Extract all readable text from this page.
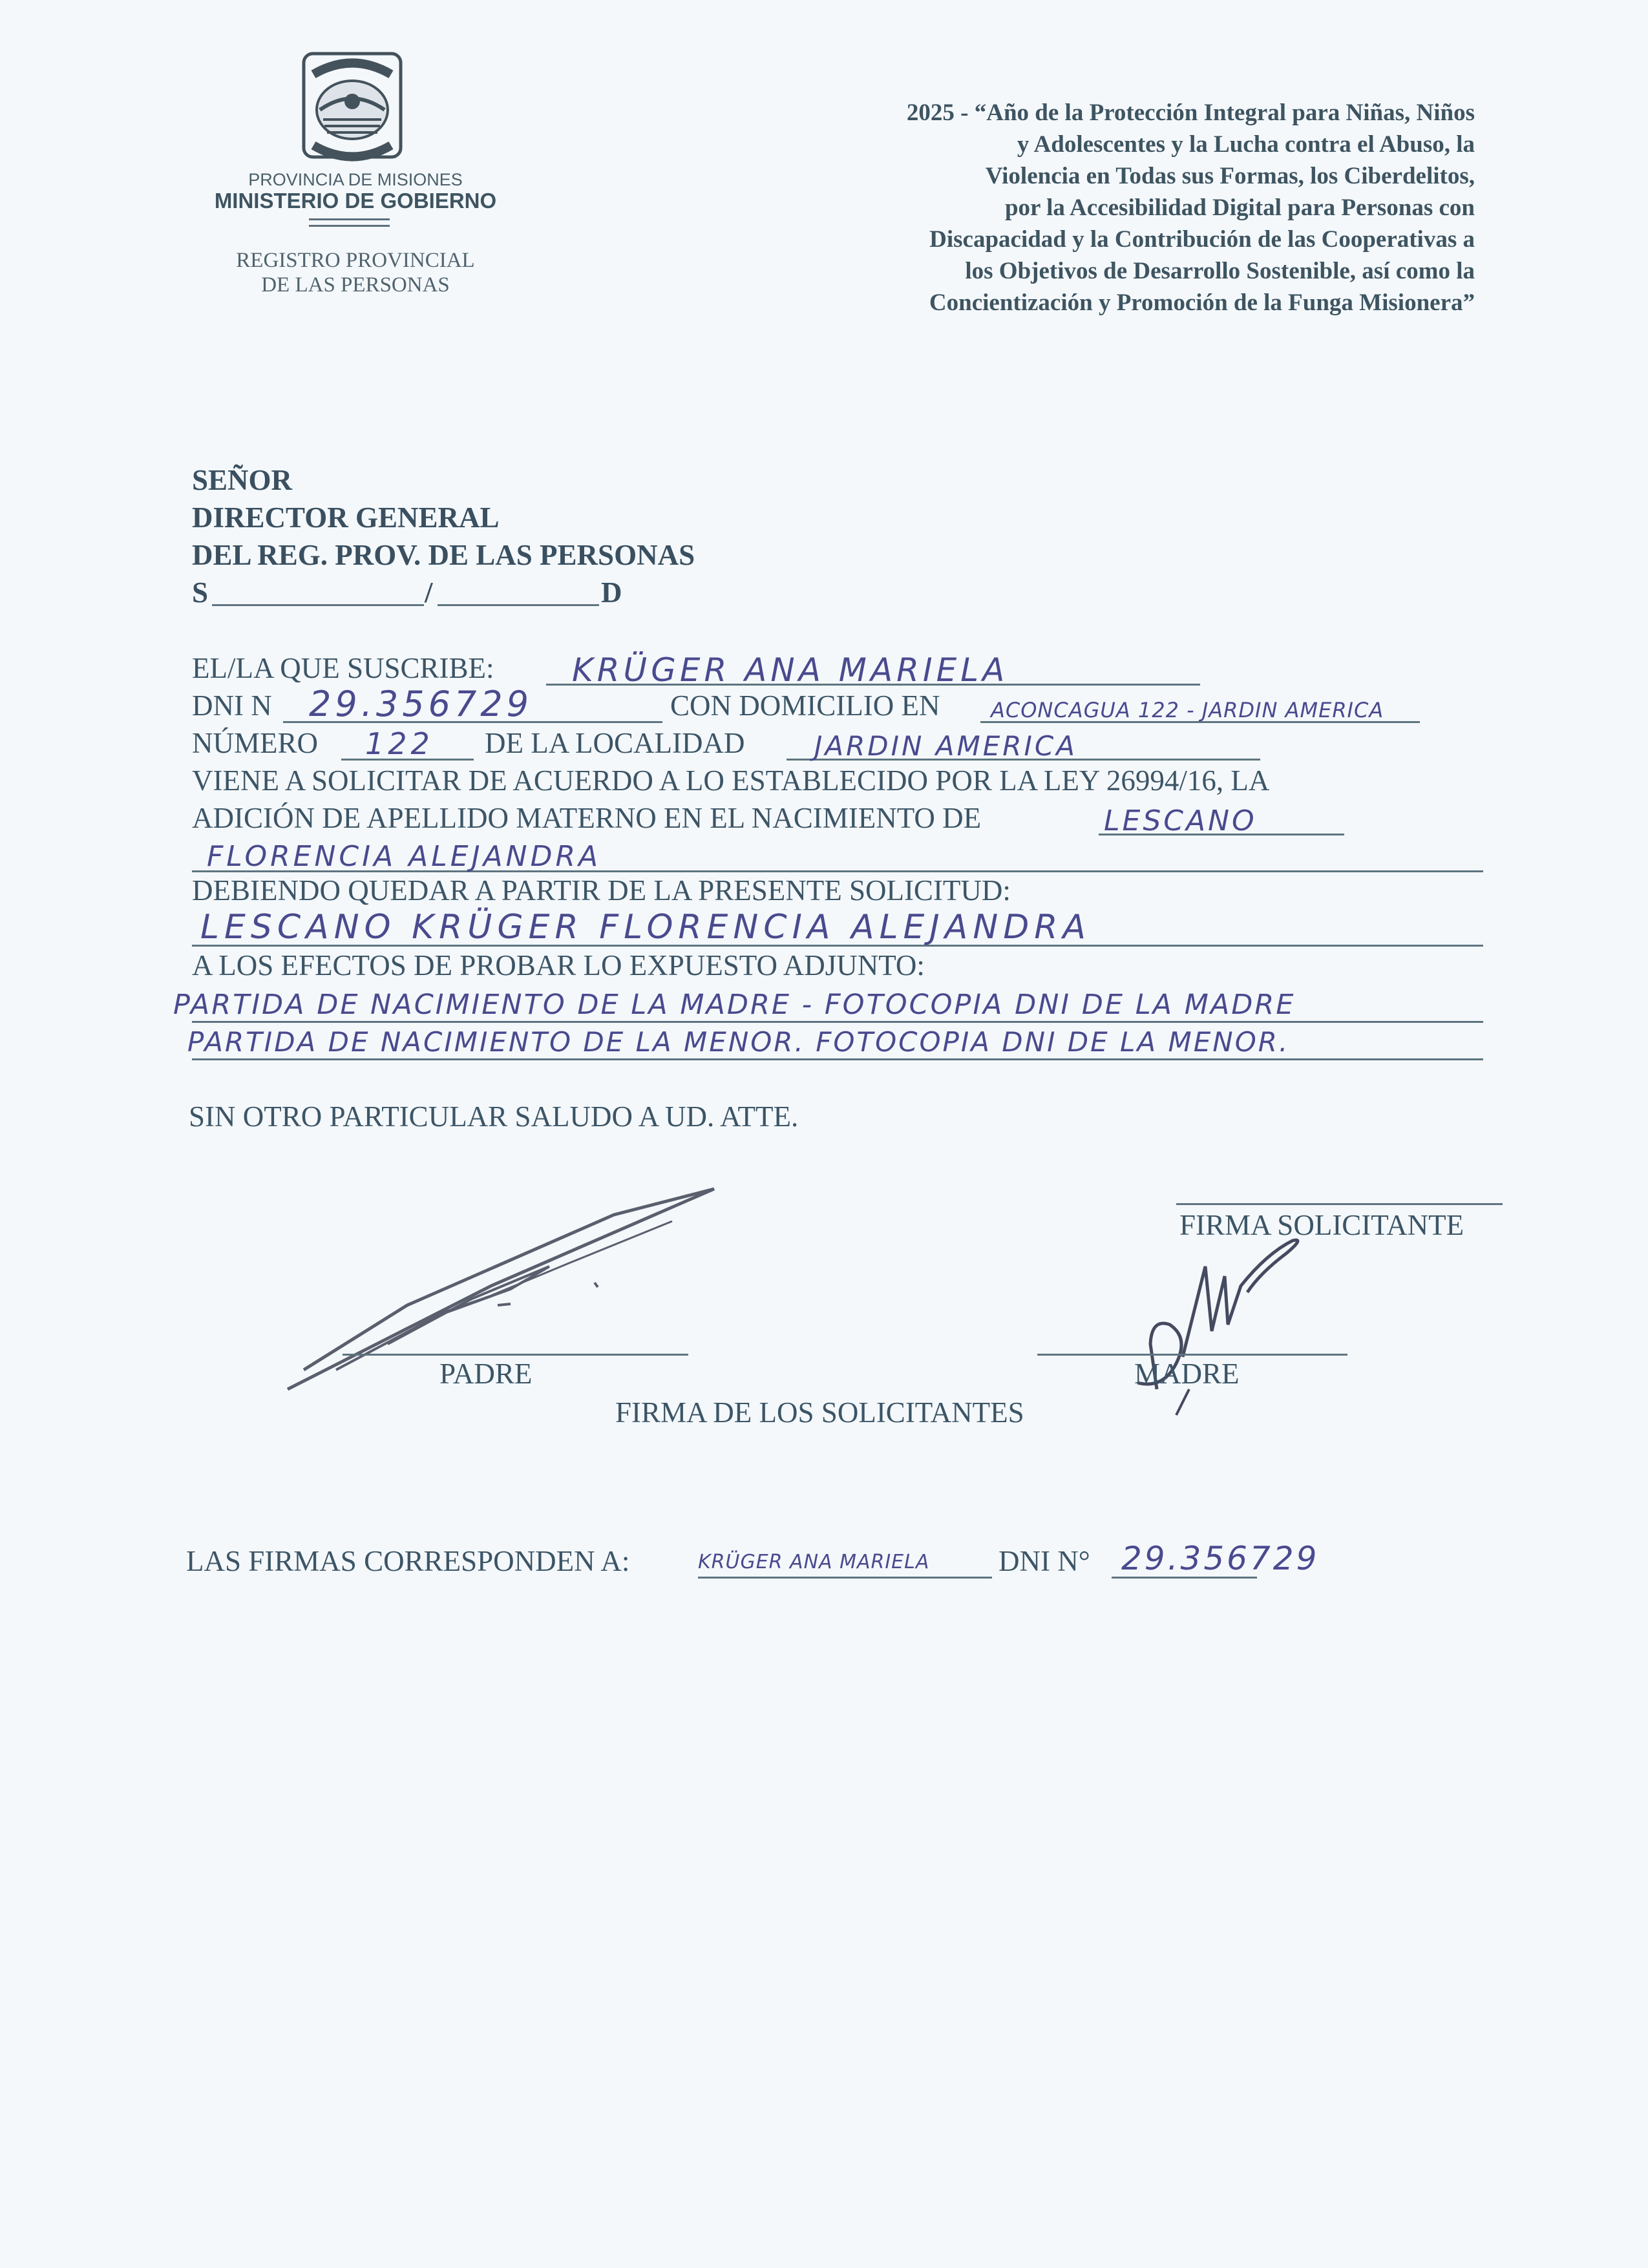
PROVINCIA DE MISIONES
MINISTERIO DE GOBIERNO
REGISTRO PROVINCIAL
DE LAS PERSONAS
2025 - “Año de la Protección Integral para Niñas, Niños
y Adolescentes y la Lucha contra el Abuso, la
Violencia en Todas sus Formas, los Ciberdelitos,
por la Accesibilidad Digital para Personas con
Discapacidad y la Contribución de las Cooperativas a
los Objetivos de Desarrollo Sostenible, así como la
Concientización y Promoción de la Funga Misionera”
SEÑOR
DIRECTOR GENERAL
DEL REG. PROV. DE LAS PERSONAS
S	/	D
EL/LA QUE SUSCRIBE: KRÜGER ANA MARIELA
DNI N 29.356729	CON DOMICILIO EN ACONCAGUA 122 - JARDIN AMERICA
NÚMERO 122 DE LA LOCALIDAD	JARDIN AMERICA
VIENE A SOLICITAR DE ACUERDO A LO ESTABLECIDO POR LA LEY 26994/16, LA
ADICIÓN DE APELLIDO MATERNO EN EL NACIMIENTO DE	LESCANO
FLORENCIA ALEJANDRA
DEBIENDO QUEDAR A PARTIR DE LA PRESENTE SOLICITUD:
LESCANO KRÜGER FLORENCIA ALEJANDRA
A LOS EFECTOS DE PROBAR LO EXPUESTO ADJUNTO:
PARTIDA DE NACIMIENTO DE LA MADRE - FOTOCOPIA DNI DE LA MADRE
PARTIDA DE NACIMIENTO DE LA MENOR. FOTOCOPIA DNI DE LA MENOR.
SIN OTRO PARTICULAR SALUDO A UD. ATTE.
FIRMA SOLICITANTE
PADRE	MADRE
FIRMA DE LOS SOLICITANTES
LAS FIRMAS CORRESPONDEN A:	KRÜGER ANA MARIELA DNI N° 29.356729
